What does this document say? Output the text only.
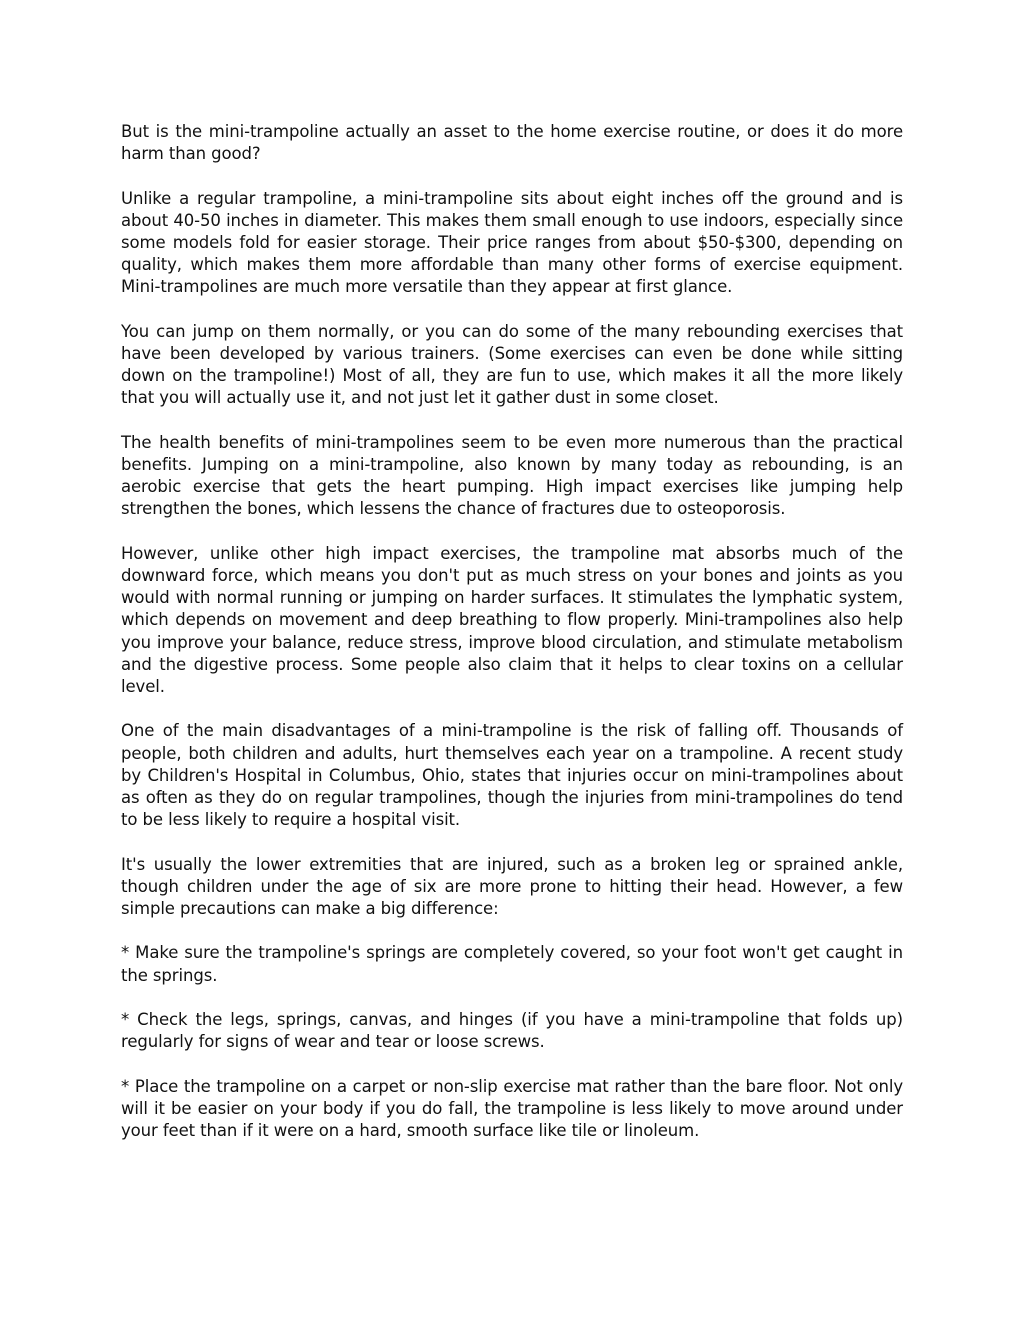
But is the mini-trampoline actually an asset to the home exercise routine, or does it do more harm than good?

Unlike a regular trampoline, a mini-trampoline sits about eight inches off the ground and is about 40-50 inches in diameter. This makes them small enough to use indoors, especially since some models fold for easier storage. Their price ranges from about $50-$300, depending on quality, which makes them more affordable than many other forms of exercise equipment. Mini-trampolines are much more versatile than they appear at first glance.

You can jump on them normally, or you can do some of the many rebounding exercises that have been developed by various trainers. (Some exercises can even be done while sitting down on the trampoline!) Most of all, they are fun to use, which makes it all the more likely that you will actually use it, and not just let it gather dust in some closet.

The health benefits of mini-trampolines seem to be even more numerous than the practical benefits. Jumping on a mini-trampoline, also known by many today as rebounding, is an aerobic exercise that gets the heart pumping. High impact exercises like jumping help strengthen the bones, which lessens the chance of fractures due to osteoporosis.

However, unlike other high impact exercises, the trampoline mat absorbs much of the downward force, which means you don't put as much stress on your bones and joints as you would with normal running or jumping on harder surfaces. It stimulates the lymphatic system, which depends on movement and deep breathing to flow properly. Mini-trampolines also help you improve your balance, reduce stress, improve blood circulation, and stimulate metabolism and the digestive process. Some people also claim that it helps to clear toxins on a cellular level.

One of the main disadvantages of a mini-trampoline is the risk of falling off. Thousands of people, both children and adults, hurt themselves each year on a trampoline. A recent study by Children's Hospital in Columbus, Ohio, states that injuries occur on mini-trampolines about as often as they do on regular trampolines, though the injuries from mini-trampolines do tend to be less likely to require a hospital visit.

It's usually the lower extremities that are injured, such as a broken leg or sprained ankle, though children under the age of six are more prone to hitting their head. However, a few simple precautions can make a big difference:

* Make sure the trampoline's springs are completely covered, so your foot won't get caught in the springs.

* Check the legs, springs, canvas, and hinges (if you have a mini-trampoline that folds up) regularly for signs of wear and tear or loose screws.

* Place the trampoline on a carpet or non-slip exercise mat rather than the bare floor. Not only will it be easier on your body if you do fall, the trampoline is less likely to move around under your feet than if it were on a hard, smooth surface like tile or linoleum.
